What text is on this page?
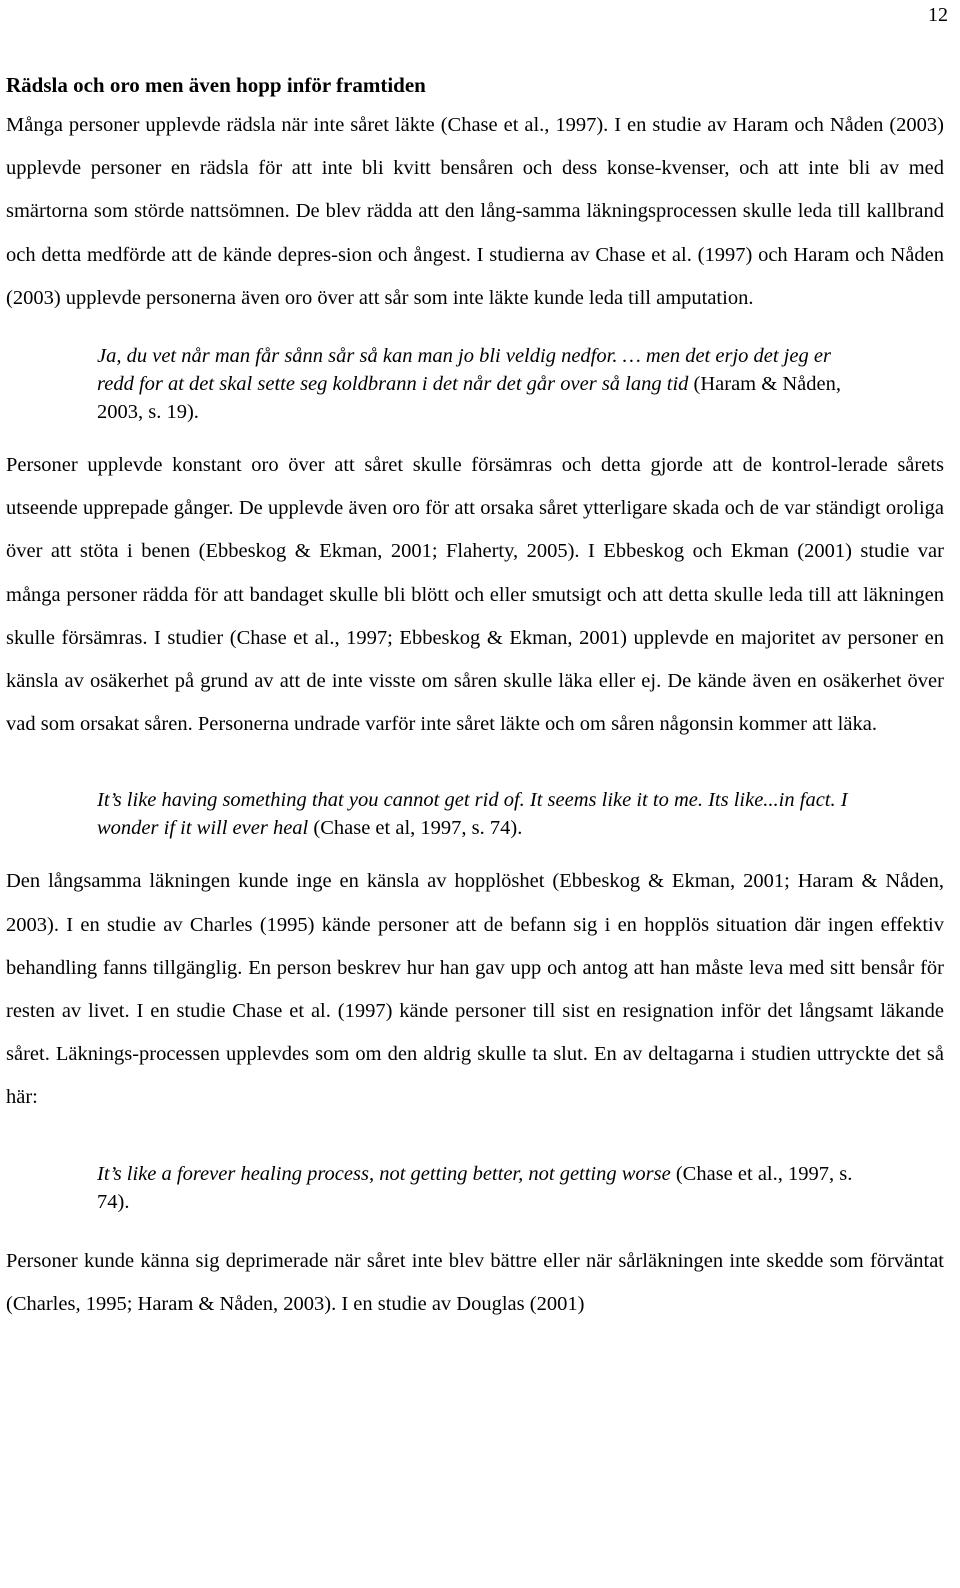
12
Rädsla och oro men även hopp inför framtiden

Många personer upplevde rädsla när inte såret läkte (Chase et al., 1997). I en studie av Haram och Nåden (2003) upplevde personer en rädsla för att inte bli kvitt bensåren och dess konse-kvenser, och att inte bli av med smärtorna som störde nattsömnen. De blev rädda att den lång-samma läkningsprocessen skulle leda till kallbrand och detta medförde att de kände depres-sion och ångest. I studierna av Chase et al. (1997) och Haram och Nåden (2003) upplevde personerna även oro över att sår som inte läkte kunde leda till amputation.

Ja, du vet når man får sånn sår så kan man jo bli veldig nedfor. … men det erjo det jeg er redd for at det skal sette seg koldbrann i det når det går over så lang tid (Haram & Nåden, 2003, s. 19).

Personer upplevde konstant oro över att såret skulle försämras och detta gjorde att de kontrol-lerade sårets utseende upprepade gånger. De upplevde även oro för att orsaka såret ytterligare skada och de var ständigt oroliga över att stöta i benen (Ebbeskog & Ekman, 2001; Flaherty, 2005). I Ebbeskog och Ekman (2001) studie var många personer rädda för att bandaget skulle bli blött och eller smutsigt och att detta skulle leda till att läkningen skulle försämras. I studier (Chase et al., 1997; Ebbeskog & Ekman, 2001) upplevde en majoritet av personer en känsla av osäkerhet på grund av att de inte visste om såren skulle läka eller ej. De kände även en osäkerhet över vad som orsakat såren. Personerna undrade varför inte såret läkte och om såren någonsin kommer att läka.

It’s like having something that you cannot get rid of. It seems like it to me. Its like...in fact. I wonder if it will ever heal (Chase et al, 1997, s. 74).

Den långsamma läkningen kunde inge en känsla av hopplöshet (Ebbeskog & Ekman, 2001; Haram & Nåden, 2003). I en studie av Charles (1995) kände personer att de befann sig i en hopplös situation där ingen effektiv behandling fanns tillgänglig. En person beskrev hur han gav upp och antog att han måste leva med sitt bensår för resten av livet. I en studie Chase et al. (1997) kände personer till sist en resignation inför det långsamt läkande såret. Läknings-processen upplevdes som om den aldrig skulle ta slut. En av deltagarna i studien uttryckte det så här:

It’s like a forever healing process, not getting better, not getting worse (Chase et al., 1997, s. 74).

Personer kunde känna sig deprimerade när såret inte blev bättre eller när sårläkningen inte skedde som förväntat (Charles, 1995; Haram & Nåden, 2003). I en studie av Douglas (2001)
